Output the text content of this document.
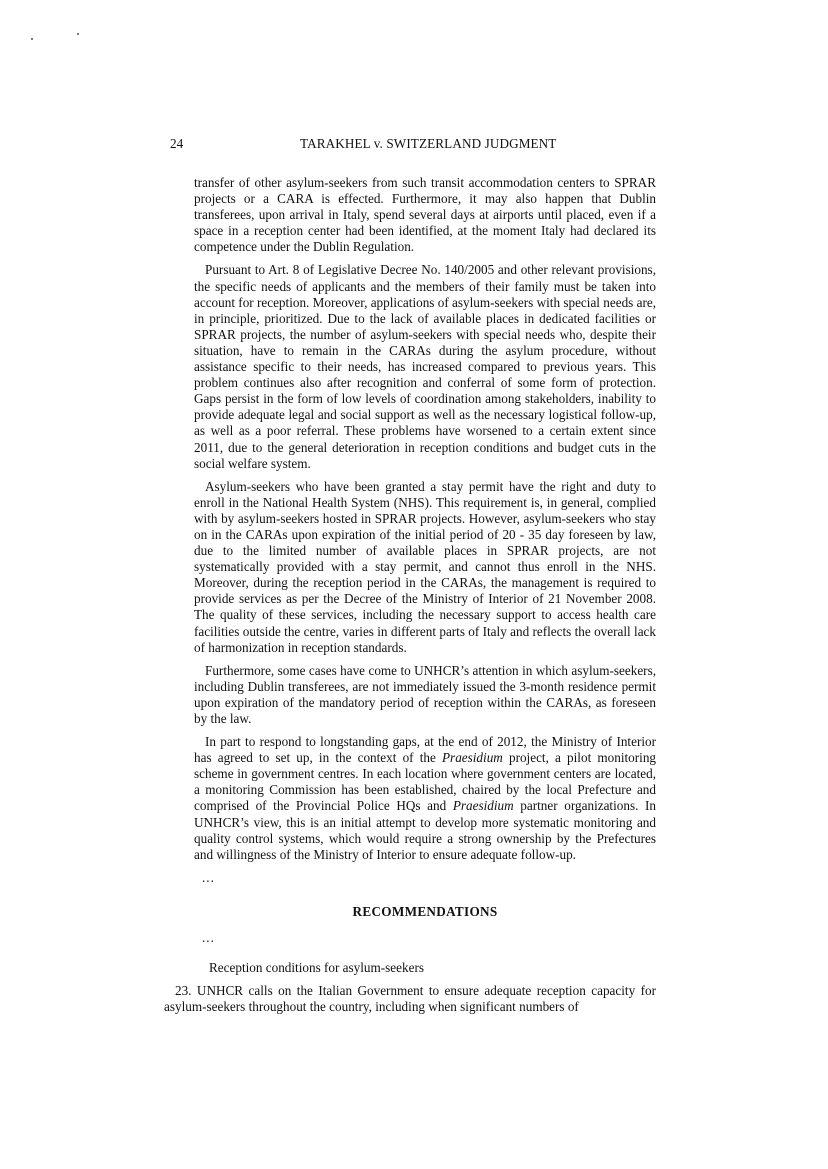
24	TARAKHEL v. SWITZERLAND JUDGMENT

transfer of other asylum-seekers from such transit accommodation centers to SPRAR projects or a CARA is effected. Furthermore, it may also happen that Dublin transferees, upon arrival in Italy, spend several days at airports until placed, even if a space in a reception center had been identified, at the moment Italy had declared its competence under the Dublin Regulation.

Pursuant to Art. 8 of Legislative Decree No. 140/2005 and other relevant provisions, the specific needs of applicants and the members of their family must be taken into account for reception. Moreover, applications of asylum-seekers with special needs are, in principle, prioritized. Due to the lack of available places in dedicated facilities or SPRAR projects, the number of asylum-seekers with special needs who, despite their situation, have to remain in the CARAs during the asylum procedure, without assistance specific to their needs, has increased compared to previous years. This problem continues also after recognition and conferral of some form of protection. Gaps persist in the form of low levels of coordination among stakeholders, inability to provide adequate legal and social support as well as the necessary logistical follow-up, as well as a poor referral. These problems have worsened to a certain extent since 2011, due to the general deterioration in reception conditions and budget cuts in the social welfare system.

Asylum-seekers who have been granted a stay permit have the right and duty to enroll in the National Health System (NHS). This requirement is, in general, complied with by asylum-seekers hosted in SPRAR projects. However, asylum-seekers who stay on in the CARAs upon expiration of the initial period of 20 - 35 day foreseen by law, due to the limited number of available places in SPRAR projects, are not systematically provided with a stay permit, and cannot thus enroll in the NHS. Moreover, during the reception period in the CARAs, the management is required to provide services as per the Decree of the Ministry of Interior of 21 November 2008. The quality of these services, including the necessary support to access health care facilities outside the centre, varies in different parts of Italy and reflects the overall lack of harmonization in reception standards.

Furthermore, some cases have come to UNHCR’s attention in which asylum-seekers, including Dublin transferees, are not immediately issued the 3-month residence permit upon expiration of the mandatory period of reception within the CARAs, as foreseen by the law.

In part to respond to longstanding gaps, at the end of 2012, the Ministry of Interior has agreed to set up, in the context of the Praesidium project, a pilot monitoring scheme in government centres. In each location where government centers are located, a monitoring Commission has been established, chaired by the local Prefecture and comprised of the Provincial Police HQs and Praesidium partner organizations. In UNHCR’s view, this is an initial attempt to develop more systematic monitoring and quality control systems, which would require a strong ownership by the Prefectures and willingness of the Ministry of Interior to ensure adequate follow-up.

...

RECOMMENDATIONS

...

Reception conditions for asylum-seekers

23. UNHCR calls on the Italian Government to ensure adequate reception capacity for asylum-seekers throughout the country, including when significant numbers of
